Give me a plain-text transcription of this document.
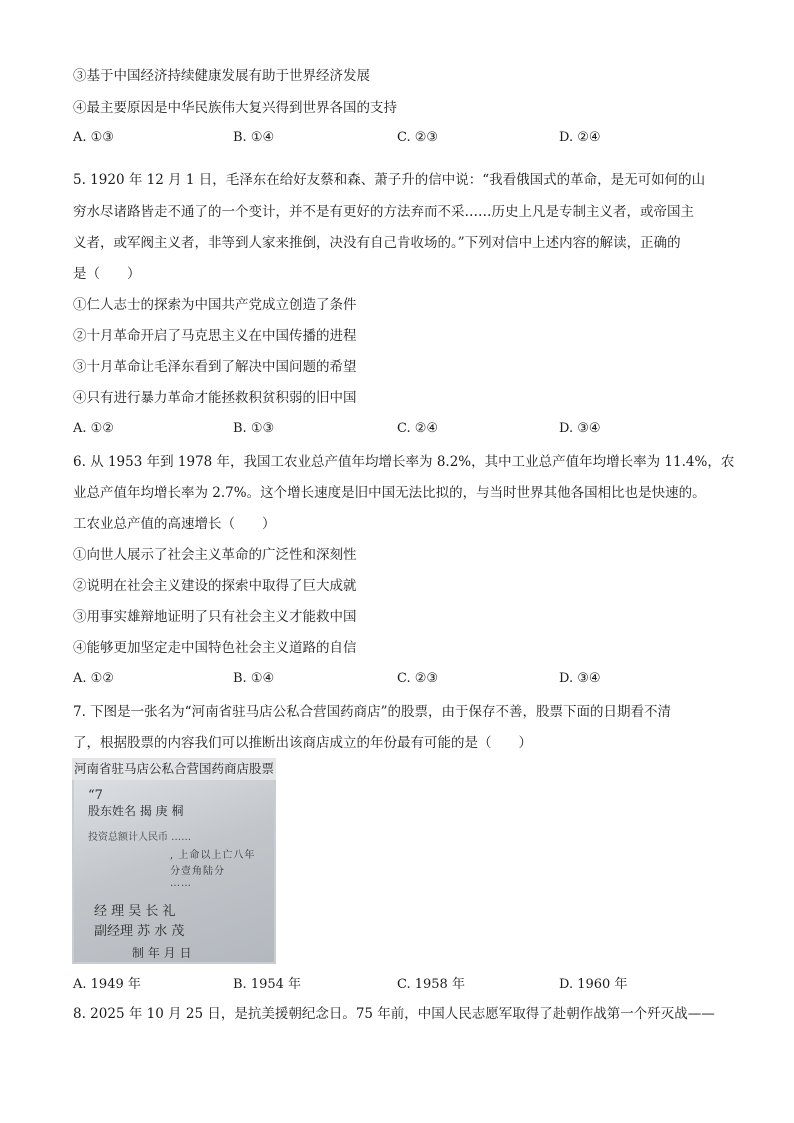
③基于中国经济持续健康发展有助于世界经济发展
④最主要原因是中华民族伟大复兴得到世界各国的支持
A. ①③	B. ①④	C. ②③	D. ②④
5. 1920 年 12 月 1 日，毛泽东在给好友蔡和森、萧子升的信中说：“我看俄国式的革命，是无可如何的山
穷水尽诸路皆走不通了的一个变计，并不是有更好的方法弃而不采……历史上凡是专制主义者，或帝国主
义者，或军阀主义者，非等到人家来推倒，决没有自己肯收场的。”下列对信中上述内容的解读，正确的
是（　　）
①仁人志士的探索为中国共产党成立创造了条件
②十月革命开启了马克思主义在中国传播的进程
③十月革命让毛泽东看到了解决中国问题的希望
④只有进行暴力革命才能拯救积贫积弱的旧中国
A. ①②	B. ①③	C. ②④	D. ③④
6. 从 1953 年到 1978 年，我国工农业总产值年均增长率为 8.2%，其中工业总产值年均增长率为 11.4%，农
业总产值年均增长率为 2.7%。这个增长速度是旧中国无法比拟的，与当时世界其他各国相比也是快速的。
工农业总产值的高速增长（　　）
①向世人展示了社会主义革命的广泛性和深刻性
②说明在社会主义建设的探索中取得了巨大成就
③用事实雄辩地证明了只有社会主义才能救中国
④能够更加坚定走中国特色社会主义道路的自信
A. ①②	B. ①④	C. ②③	D. ③④
7. 下图是一张名为“河南省驻马店公私合营国药商店”的股票，由于保存不善，股票下面的日期看不清
了，根据股票的内容我们可以推断出该商店成立的年份最有可能的是（　　）
河南省驻马店公私合营国药商店股票
“7
股东姓名 揭 庚 桐
投资总额计人民币 ……
, 上命以上亡八年
分壹角陆分
……
经 理 吴 长 礼
副经理 苏 水 茂
制 年 月 日
A. 1949 年	B. 1954 年	C. 1958 年	D. 1960 年
8. 2025 年 10 月 25 日，是抗美援朝纪念日。75 年前，中国人民志愿军取得了赴朝作战第一个歼灭战——
